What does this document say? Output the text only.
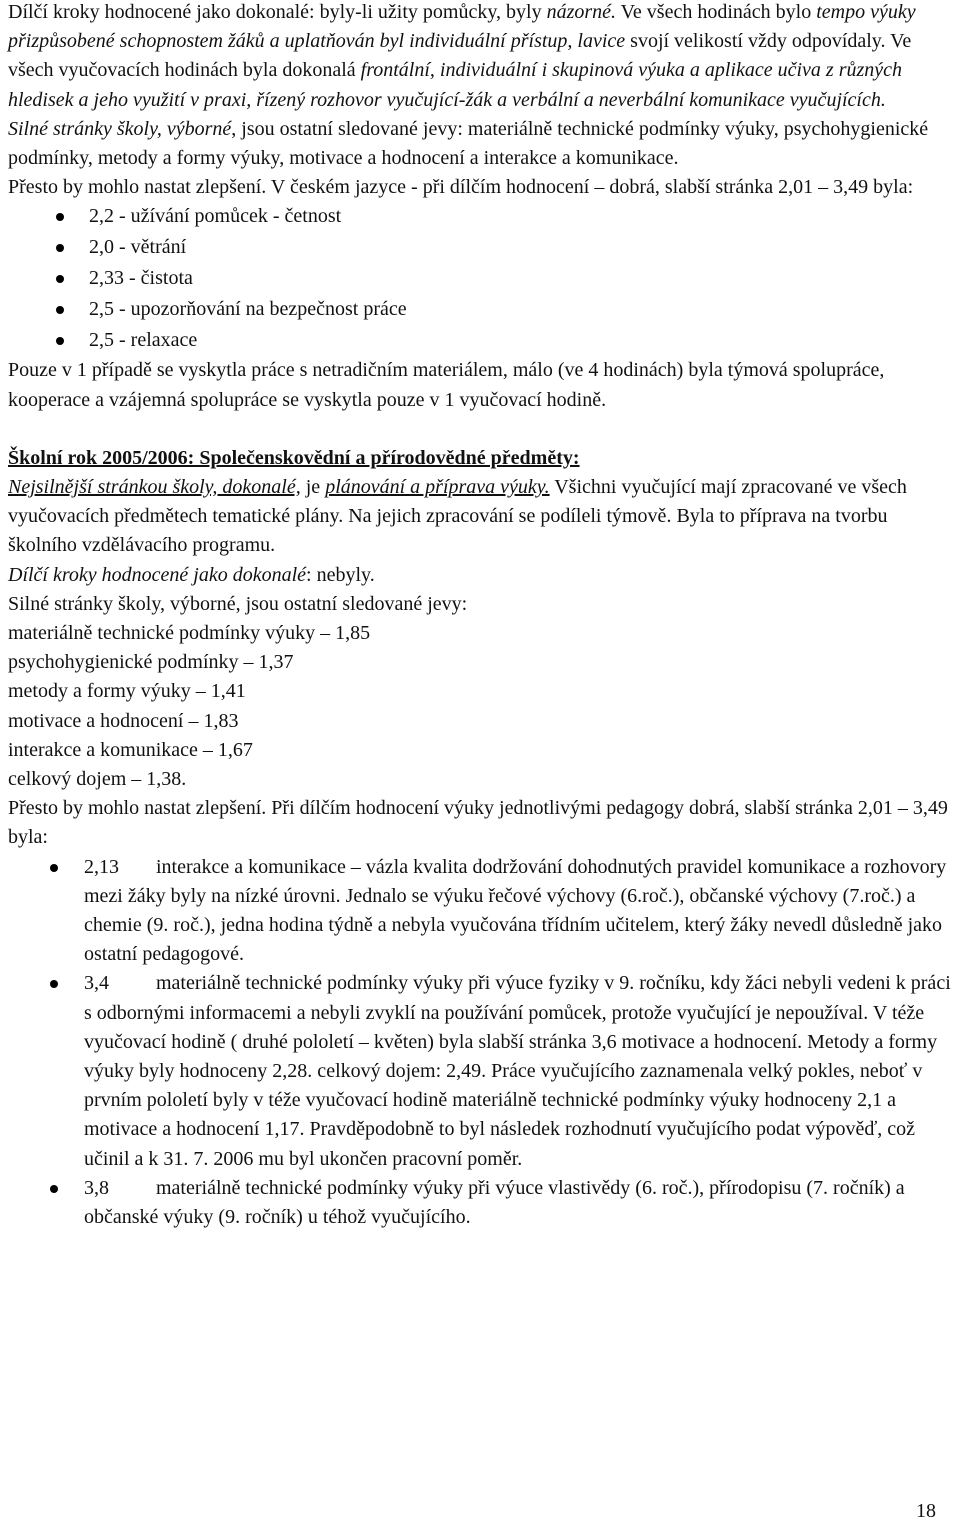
Dílčí kroky hodnocené jako dokonalé: byly-li užity pomůcky, byly názorné. Ve všech hodinách bylo tempo výuky přizpůsobené schopnostem žáků a uplatňován byl individuální přístup, lavice svojí velikostí vždy odpovídaly. Ve všech vyučovacích hodinách byla dokonalá frontální, individuální i skupinová výuka a aplikace učiva z různých hledisek a jeho využití v praxi, řízený rozhovor vyučující-žák a verbální a neverbální komunikace vyučujících.

Silné stránky školy, výborné, jsou ostatní sledované jevy: materiálně technické podmínky výuky, psychohygienické podmínky, metody a formy výuky, motivace a hodnocení a interakce a komunikace.

Přesto by mohlo nastat zlepšení. V českém jazyce - při dílčím hodnocení – dobrá, slabší stránka 2,01 – 3,49 byla:

2,2 - užívání pomůcek - četnost
2,0 - větrání
2,33 - čistota
2,5 - upozorňování na bezpečnost práce
2,5 - relaxace

Pouze v 1 případě se vyskytla práce s netradičním materiálem, málo (ve 4 hodinách) byla týmová spolupráce, kooperace a vzájemná spolupráce se vyskytla pouze v 1 vyučovací hodině.

Školní rok 2005/2006: Společenskovědní a přírodovědné předměty:

Nejsilnější stránkou školy, dokonalé, je plánování a příprava výuky. Všichni vyučující mají zpracované ve všech vyučovacích předmětech tematické plány. Na jejich zpracování se podíleli týmově. Byla to příprava na tvorbu školního vzdělávacího programu.

Dílčí kroky hodnocené jako dokonalé: nebyly.

Silné stránky školy, výborné, jsou ostatní sledované jevy:

materiálně technické podmínky výuky – 1,85

psychohygienické podmínky – 1,37

metody a formy výuky – 1,41

motivace a hodnocení – 1,83

interakce a komunikace – 1,67

celkový dojem – 1,38.

Přesto by mohlo nastat zlepšení. Při dílčím hodnocení výuky jednotlivými pedagogy dobrá, slabší stránka 2,01 – 3,49 byla:

2,13 interakce a komunikace – vázla kvalita dodržování dohodnutých pravidel komunikace a rozhovory mezi žáky byly na nízké úrovni. Jednalo se výuku řečové výchovy (6.roč.), občanské výchovy (7.roč.) a chemie (9. roč.), jedna hodina týdně a nebyla vyučována třídním učitelem, který žáky nevedl důsledně jako ostatní pedagogové.
3,4 materiálně technické podmínky výuky při výuce fyziky v 9. ročníku, kdy žáci nebyli vedeni k práci s odbornými informacemi a nebyli zvyklí na používání pomůcek, protože vyučující je nepoužíval. V téže vyučovací hodině ( druhé pololetí – květen) byla slabší stránka 3,6 motivace a hodnocení. Metody a formy výuky byly hodnoceny 2,28. celkový dojem: 2,49. Práce vyučujícího zaznamenala velký pokles, neboť v prvním pololetí byly v téže vyučovací hodině materiálně technické podmínky výuky hodnoceny 2,1 a motivace a hodnocení 1,17. Pravděpodobně to byl následek rozhodnutí vyučujícího podat výpověď, což učinil a k 31. 7. 2006 mu byl ukončen pracovní poměr.
3,8 materiálně technické podmínky výuky při výuce vlastivědy (6. roč.), přírodopisu (7. ročník) a občanské výuky (9. ročník) u téhož vyučujícího.
18
